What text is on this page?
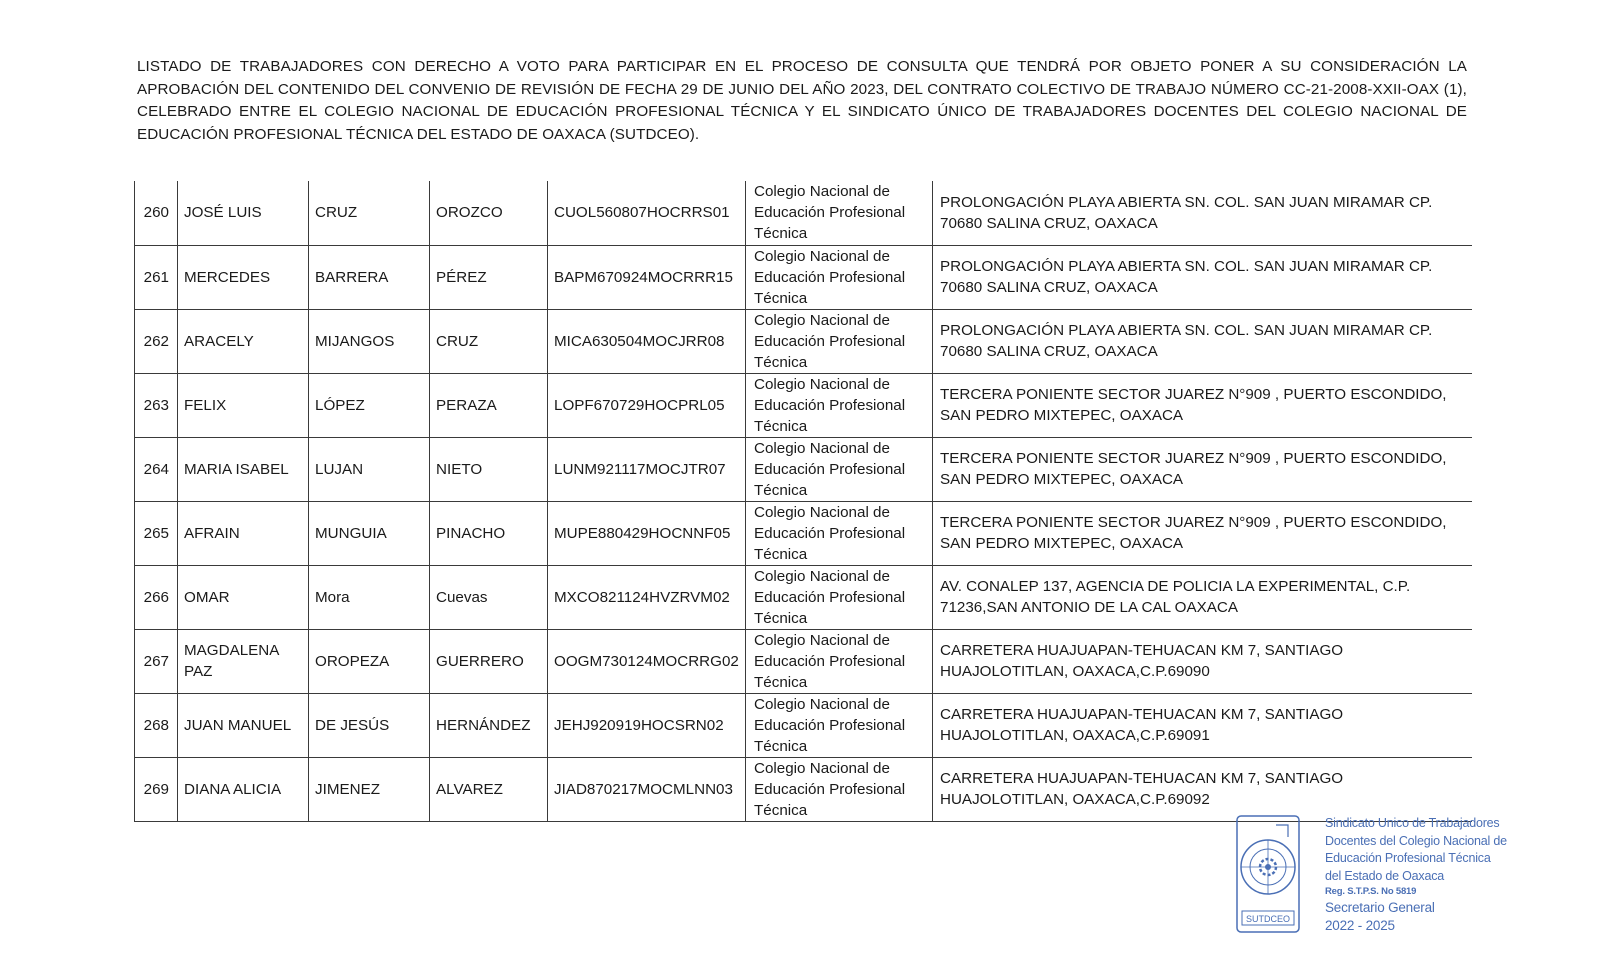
LISTADO DE TRABAJADORES CON DERECHO A VOTO PARA PARTICIPAR EN EL PROCESO DE CONSULTA QUE TENDRÁ POR OBJETO PONER A SU CONSIDERACIÓN LA APROBACIÓN DEL CONTENIDO DEL CONVENIO DE REVISIÓN DE FECHA 29 DE JUNIO DEL AÑO 2023, DEL CONTRATO COLECTIVO DE TRABAJO NÚMERO CC-21-2008-XXII-OAX (1), CELEBRADO ENTRE EL COLEGIO NACIONAL DE EDUCACIÓN PROFESIONAL TÉCNICA Y EL SINDICATO ÚNICO DE TRABAJADORES DOCENTES DEL COLEGIO NACIONAL DE EDUCACIÓN PROFESIONAL TÉCNICA DEL ESTADO DE OAXACA (SUTDCEO).
260	JOSÉ LUIS	CRUZ	OROZCO	CUOL560807HOCRRS01	Colegio Nacional de Educación Profesional Técnica	PROLONGACIÓN PLAYA ABIERTA SN. COL. SAN JUAN MIRAMAR CP. 70680 SALINA CRUZ, OAXACA
261	MERCEDES	BARRERA	PÉREZ	BAPM670924MOCRRR15	Colegio Nacional de Educación Profesional Técnica	PROLONGACIÓN PLAYA ABIERTA SN. COL. SAN JUAN MIRAMAR CP. 70680 SALINA CRUZ, OAXACA
262	ARACELY	MIJANGOS	CRUZ	MICA630504MOCJRR08	Colegio Nacional de Educación Profesional Técnica	PROLONGACIÓN PLAYA ABIERTA SN. COL. SAN JUAN MIRAMAR CP. 70680 SALINA CRUZ, OAXACA
263	FELIX	LÓPEZ	PERAZA	LOPF670729HOCPRL05	Colegio Nacional de Educación Profesional Técnica	TERCERA PONIENTE SECTOR JUAREZ N°909 , PUERTO ESCONDIDO, SAN PEDRO MIXTEPEC, OAXACA
264	MARIA ISABEL	LUJAN	NIETO	LUNM921117MOCJTR07	Colegio Nacional de Educación Profesional Técnica	TERCERA PONIENTE SECTOR JUAREZ N°909 , PUERTO ESCONDIDO, SAN PEDRO MIXTEPEC, OAXACA
265	AFRAIN	MUNGUIA	PINACHO	MUPE880429HOCNNF05	Colegio Nacional de Educación Profesional Técnica	TERCERA PONIENTE SECTOR JUAREZ N°909 , PUERTO ESCONDIDO, SAN PEDRO MIXTEPEC, OAXACA
266	OMAR	Mora	Cuevas	MXCO821124HVZRVM02	Colegio Nacional de Educación Profesional Técnica	AV. CONALEP 137, AGENCIA DE POLICIA LA EXPERIMENTAL, C.P. 71236,SAN ANTONIO DE LA CAL OAXACA
267	MAGDALENA PAZ	OROPEZA	GUERRERO	OOGM730124MOCRRG02	Colegio Nacional de Educación Profesional Técnica	CARRETERA HUAJUAPAN-TEHUACAN KM 7, SANTIAGO HUAJOLOTITLAN, OAXACA,C.P.69090
268	JUAN MANUEL	DE JESÚS	HERNÁNDEZ	JEHJ920919HOCSRN02	Colegio Nacional de Educación Profesional Técnica	CARRETERA HUAJUAPAN-TEHUACAN KM 7, SANTIAGO HUAJOLOTITLAN, OAXACA,C.P.69091
269	DIANA ALICIA	JIMENEZ	ALVAREZ	JIAD870217MOCMLNN03	Colegio Nacional de Educación Profesional Técnica	CARRETERA HUAJUAPAN-TEHUACAN KM 7, SANTIAGO HUAJOLOTITLAN, OAXACA,C.P.69092
SUTDCEO
Sindicato Unico de Trabajadores
Docentes del Colegio Nacional de
Educación Profesional Técnica
del Estado de Oaxaca
Reg. S.T.P.S. No 5819
Secretario General
2022 - 2025
